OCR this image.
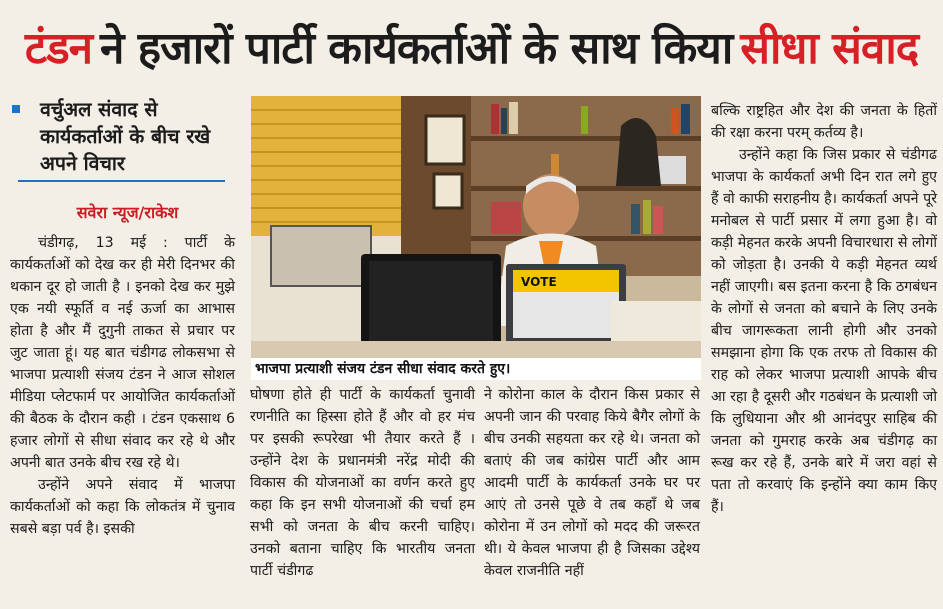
टंडन ने हजारों पार्टी कार्यकर्ताओं के साथ किया सीधा संवाद
वर्चुअल संवाद से कार्यकर्ताओं के बीच रखे अपने विचार
सवेरा न्यूज/राकेश

चंडीगढ़, 13 मई : पार्टी के कार्यकर्ताओं को देख कर ही मेरी दिनभर की थकान दूर हो जाती है । इनको देख कर मुझे एक नयी स्फूर्ति व नई ऊर्जा का आभास होता है और मैं दुगुनी ताकत से प्रचार पर जुट जाता हूं। यह बात चंडीगढ लोकसभा से भाजपा प्रत्याशी संजय टंडन ने आज सोशल मीडिया प्लेटफार्म पर आयोजित कार्यकर्ताओं की बैठक के दौरान कही । टंडन एकसाथ 6 हजार लोगों से सीधा संवाद कर रहे थे और अपनी बात उनके बीच रख रहे थे।

उन्होंने अपने संवाद में भाजपा कार्यकर्ताओं को कहा कि लोकतंत्र में चुनाव सबसे बड़ा पर्व है। इसकी

VOTE
भाजपा प्रत्याशी संजय टंडन सीधा संवाद करते हुए।

घोषणा होते ही पार्टी के कार्यकर्ता चुनावी रणनीति का हिस्सा होते हैं और वो हर मंच पर इसकी रूपरेखा भी तैयार करते हैं । उन्होंने देश के प्रधानमंत्री नरेंद्र मोदी की विकास की योजनाओं का वर्णन करते हुए कहा कि इन सभी योजनाओं की चर्चा हम सभी को जनता के बीच करनी चाहिए। उनको बताना चाहिए कि भारतीय जनता पार्टी चंडीगढ

ने कोरोना काल के दौरान किस प्रकार से अपनी जान की परवाह किये बैगैर लोगों के बीच उनकी सहयता कर रहे थे। जनता को बताएं की जब कांग्रेस पार्टी और आम आदमी पार्टी के कार्यकर्ता उनके घर पर आएं तो उनसे पूछे वे तब कहाँ थे जब कोरोना में उन लोगों को मदद की जरूरत थी। ये केवल भाजपा ही है जिसका उद्देश्य केवल राजनीति नहीं

बल्कि राष्ट्रहित और देश की जनता के हितों की रक्षा करना परम् कर्तव्य है।

उन्होंने कहा कि जिस प्रकार से चंडीगढ भाजपा के कार्यकर्ता अभी दिन रात लगे हुए हैं वो काफी सराहनीय है। कार्यकर्ता अपने पूरे मनोबल से पार्टी प्रसार में लगा हुआ है। वो कड़ी मेहनत करके अपनी विचारधारा से लोगों को जोड़ता है। उनकी ये कड़ी मेहनत व्यर्थ नहीं जाएगी। बस इतना करना है कि ठगबंधन के लोगों से जनता को बचाने के लिए उनके बीच जागरूकता लानी होगी और उनको समझाना होगा कि एक तरफ तो विकास की राह को लेकर भाजपा प्रत्याशी आपके बीच आ रहा है दूसरी और गठबंधन के प्रत्याशी जो कि लुधियाना और श्री आनंदपुर साहिब की जनता को गुमराह करके अब चंडीगढ़ का रूख कर रहे हैं, उनके बारे में जरा वहां से पता तो करवाएं कि इन्होंने क्या काम किए हैं।
